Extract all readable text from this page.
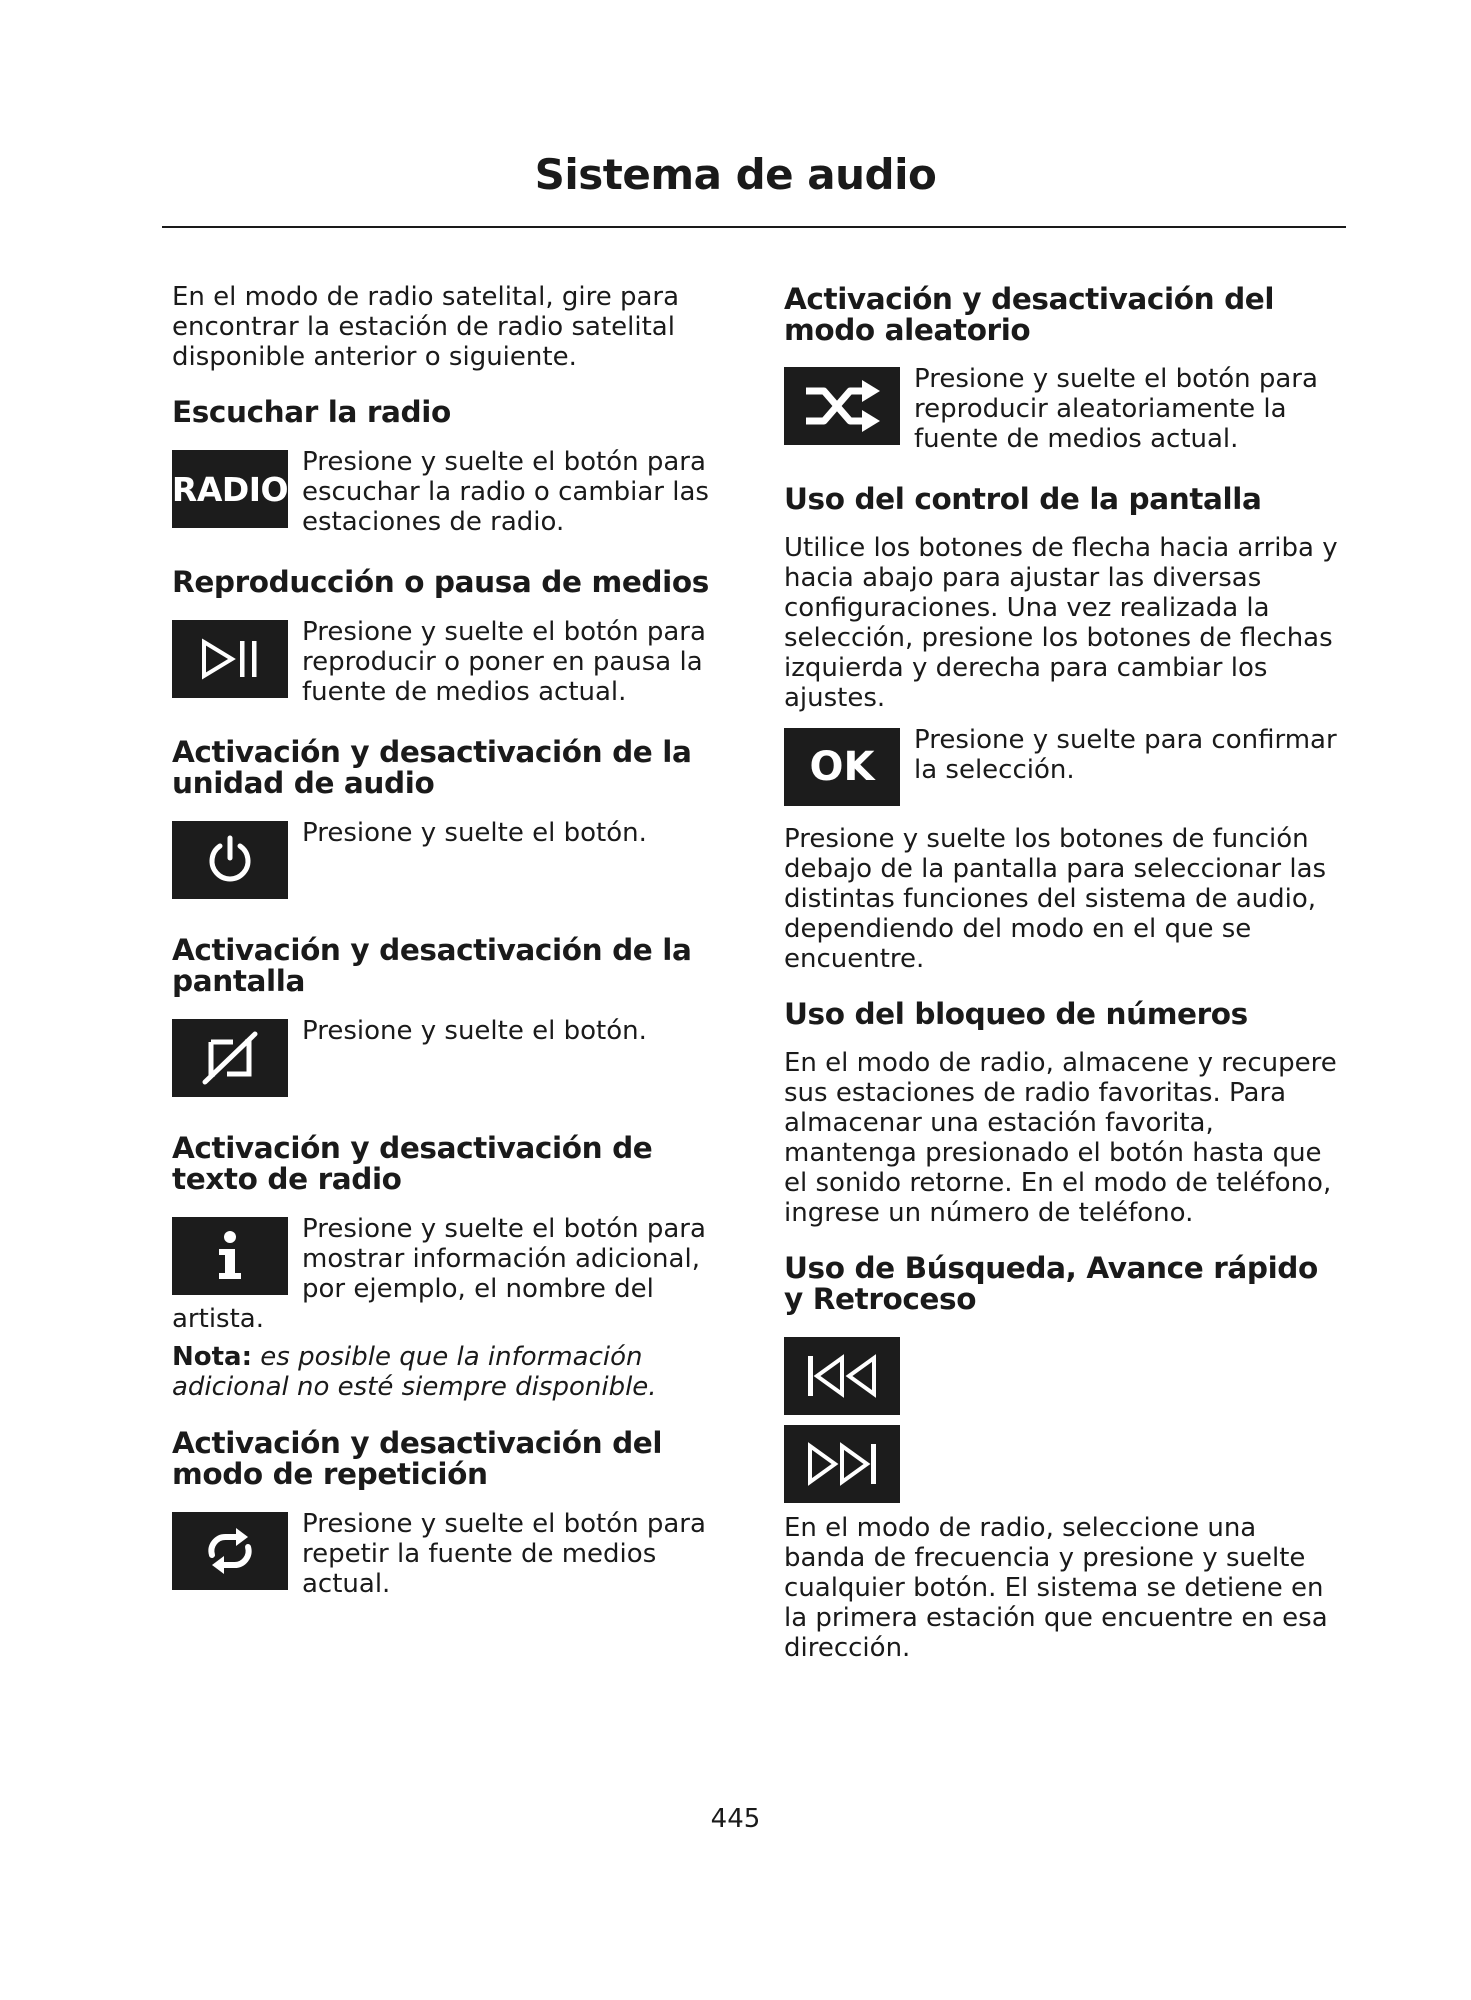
Sistema de audio

En el modo de radio satelital, gire para encontrar la estación de radio satelital disponible anterior o siguiente.

Escuchar la radio
RADIO

Presione y suelte el botón para escuchar la radio o cambiar las estaciones de radio.

Reproducción o pausa de medios

Presione y suelte el botón para reproducir o poner en pausa la fuente de medios actual.

Activación y desactivación de la unidad de audio

Presione y suelte el botón.

Activación y desactivación de la pantalla

Presione y suelte el botón.

Activación y desactivación de texto de radio

Presione y suelte el botón para mostrar información adicional, por ejemplo, el nombre del artista.

Nota: es posible que la información adicional no esté siempre disponible.

Activación y desactivación del modo de repetición

Presione y suelte el botón para repetir la fuente de medios actual.

Activación y desactivación del modo aleatorio

Presione y suelte el botón para reproducir aleatoriamente la fuente de medios actual.

Uso del control de la pantalla

Utilice los botones de flecha hacia arriba y hacia abajo para ajustar las diversas configuraciones. Una vez realizada la selección, presione los botones de flechas izquierda y derecha para cambiar los ajustes.

OK

Presione y suelte para confirmar la selección.

Presione y suelte los botones de función debajo de la pantalla para seleccionar las distintas funciones del sistema de audio, dependiendo del modo en el que se encuentre.

Uso del bloqueo de números

En el modo de radio, almacene y recupere sus estaciones de radio favoritas. Para almacenar una estación favorita, mantenga presionado el botón hasta que el sonido retorne. En el modo de teléfono, ingrese un número de teléfono.

Uso de Búsqueda, Avance rápido y Retroceso

En el modo de radio, seleccione una banda de frecuencia y presione y suelte cualquier botón. El sistema se detiene en la primera estación que encuentre en esa dirección.

445
